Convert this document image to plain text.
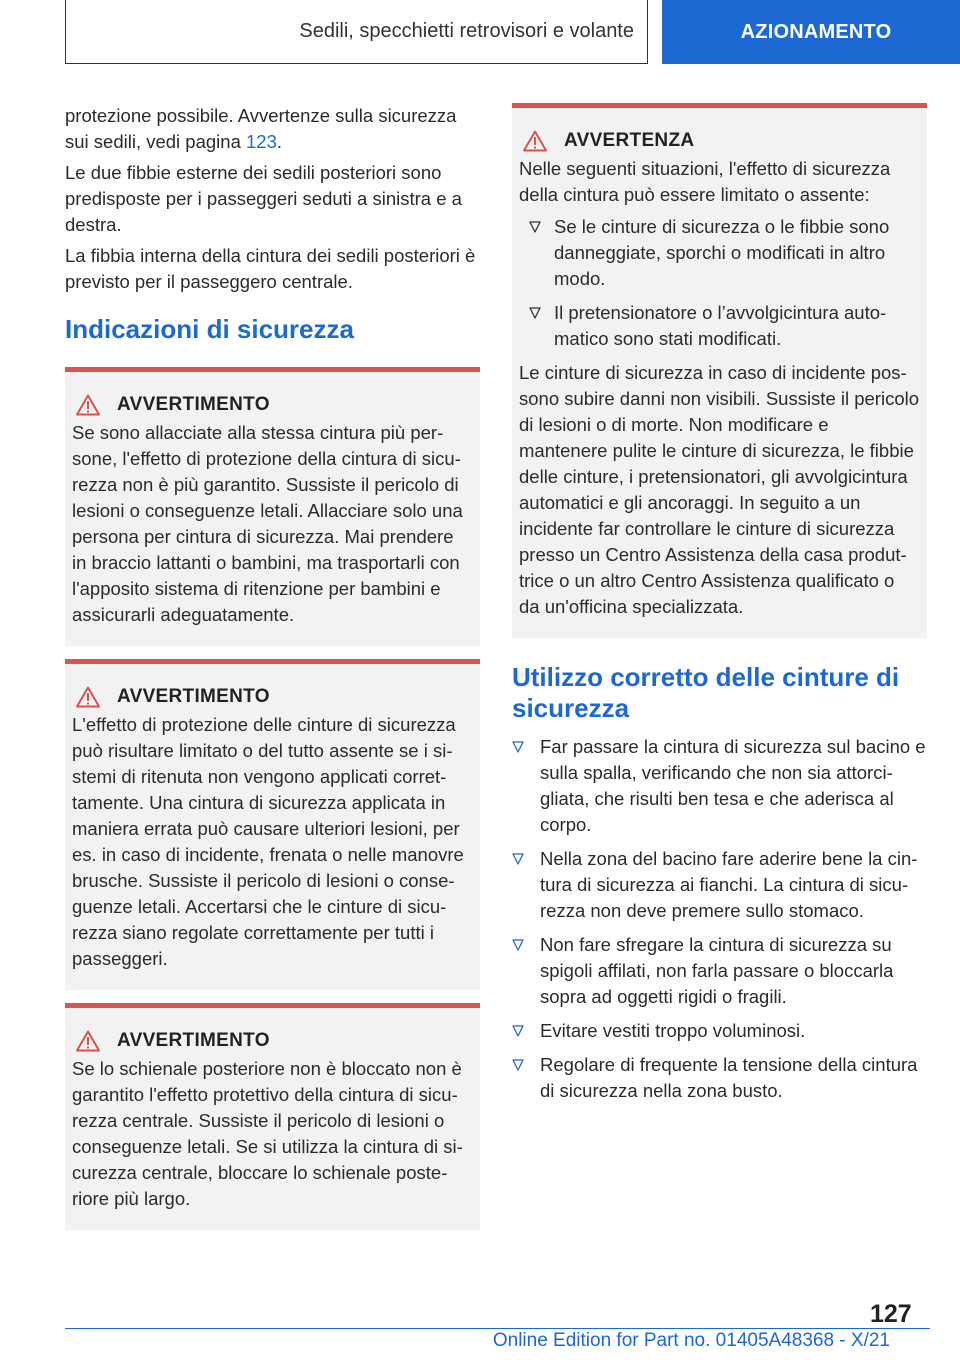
Sedili, specchietti retrovisori e volante	AZIONAMENTO

protezione possibile. Avvertenze sulla sicurezza sui sedili, vedi pagina 123.

Le due fibbie esterne dei sedili posteriori sono predisposte per i passeggeri seduti a sinistra e a destra.

La fibbia interna della cintura dei sedili posteriori è previsto per il passeggero centrale.

Indicazioni di sicurezza
AVVERTIMENTO
Se sono allacciate alla stessa cintura più persone, l'effetto di protezione della cintura di sicurezza non è più garantito. Sussiste il pericolo di lesioni o conseguenze letali. Allacciare solo una persona per cintura di sicurezza. Mai prendere in braccio lattanti o bambini, ma trasportarli con l'apposito sistema di ritenzione per bambini e assicurarli adeguatamente.
AVVERTIMENTO
L'effetto di protezione delle cinture di sicurezza può risultare limitato o del tutto assente se i sistemi di ritenuta non vengono applicati correttamente. Una cintura di sicurezza applicata in maniera errata può causare ulteriori lesioni, per es. in caso di incidente, frenata o nelle manovre brusche. Sussiste il pericolo di lesioni o conseguenze letali. Accertarsi che le cinture di sicurezza siano regolate correttamente per tutti i passeggeri.
AVVERTIMENTO
Se lo schienale posteriore non è bloccato non è garantito l'effetto protettivo della cintura di sicurezza centrale. Sussiste il pericolo di lesioni o conseguenze letali. Se si utilizza la cintura di sicurezza centrale, bloccare lo schienale posteriore più largo.
AVVERTENZA
Nelle seguenti situazioni, l'effetto di sicurezza della cintura può essere limitato o assente:
Se le cinture di sicurezza o le fibbie sono danneggiate, sporchi o modificati in altro modo.
Il pretensionatore o l’avvolgicintura automatico sono stati modificati.
Le cinture di sicurezza in caso di incidente possono subire danni non visibili. Sussiste il pericolo di lesioni o di morte. Non modificare e mantenere pulite le cinture di sicurezza, le fibbie delle cinture, i pretensionatori, gli avvolgicintura automatici e gli ancoraggi. In seguito a un incidente far controllare le cinture di sicurezza presso un Centro Assistenza della casa produttrice o un altro Centro Assistenza qualificato o da un'officina specializzata.
Utilizzo corretto delle cinture di sicurezza
Far passare la cintura di sicurezza sul bacino e sulla spalla, verificando che non sia attorcigliata, che risulti ben tesa e che aderisca al corpo.
Nella zona del bacino fare aderire bene la cintura di sicurezza ai fianchi. La cintura di sicurezza non deve premere sullo stomaco.
Non fare sfregare la cintura di sicurezza su spigoli affilati, non farla passare o bloccarla sopra ad oggetti rigidi o fragili.
Evitare vestiti troppo voluminosi.
Regolare di frequente la tensione della cintura di sicurezza nella zona busto.
127
Online Edition for Part no. 01405A48368 - X/21
